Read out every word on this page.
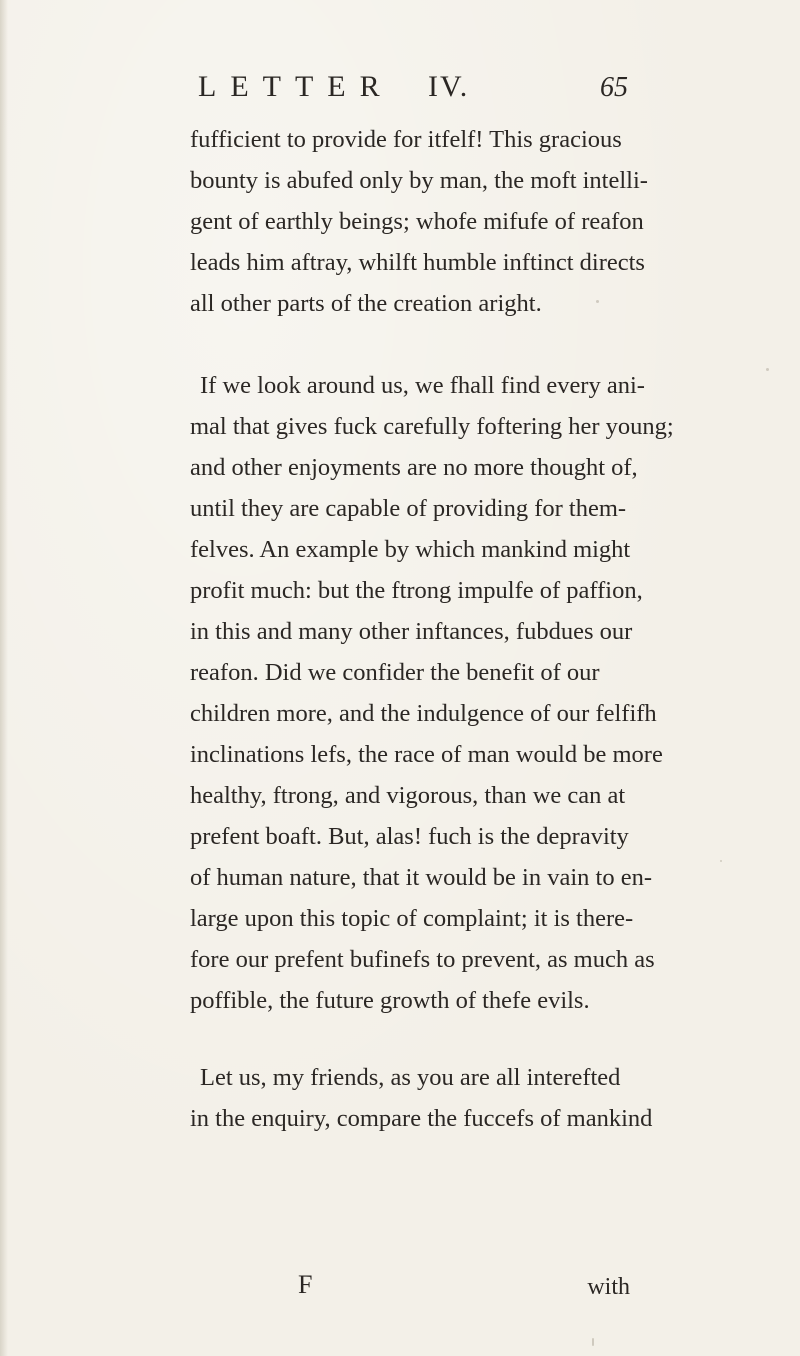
LETTER IV.	65
fufficient to provide for itfelf! This gracious
bounty is abufed only by man, the moft intelli-
gent of earthly beings; whofe mifufe of reafon
leads him aftray, whilft humble inftinct directs
all other parts of the creation aright.
If we look around us, we fhall find every ani-
mal that gives fuck carefully foftering her young;
and other enjoyments are no more thought of,
until they are capable of providing for them-
felves. An example by which mankind might
profit much: but the ftrong impulfe of paffion,
in this and many other inftances, fubdues our
reafon. Did we confider the benefit of our
children more, and the indulgence of our felfifh
inclinations lefs, the race of man would be more
healthy, ftrong, and vigorous, than we can at
prefent boaft. But, alas! fuch is the depravity
of human nature, that it would be in vain to en-
large upon this topic of complaint; it is there-
fore our prefent bufinefs to prevent, as much as
poffible, the future growth of thefe evils.
Let us, my friends, as you are all interefted
in the enquiry, compare the fuccefs of mankind
F	with
